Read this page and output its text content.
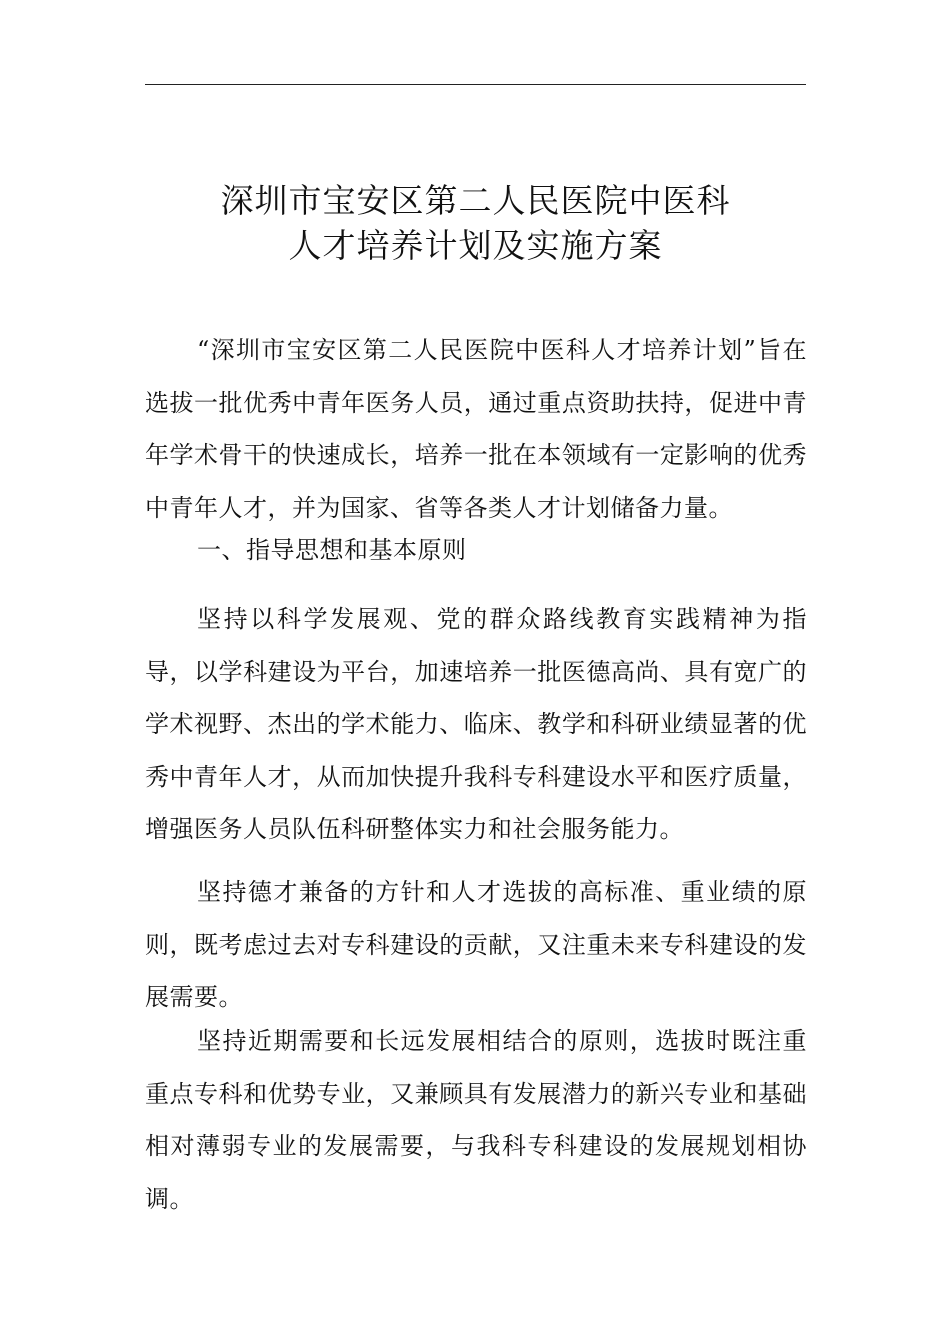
深圳市宝安区第二人民医院中医科
人才培养计划及实施方案

“深圳市宝安区第二人民医院中医科人才培养计划”旨在选拔一批优秀中青年医务人员，通过重点资助扶持，促进中青年学术骨干的快速成长，培养一批在本领域有一定影响的优秀中青年人才，并为国家、省等各类人才计划储备力量。

一、指导思想和基本原则

坚持以科学发展观、党的群众路线教育实践精神为指导，以学科建设为平台，加速培养一批医德高尚、具有宽广的学术视野、杰出的学术能力、临床、教学和科研业绩显著的优秀中青年人才，从而加快提升我科专科建设水平和医疗质量，增强医务人员队伍科研整体实力和社会服务能力。

坚持德才兼备的方针和人才选拔的高标准、重业绩的原则，既考虑过去对专科建设的贡献，又注重未来专科建设的发展需要。

坚持近期需要和长远发展相结合的原则，选拔时既注重重点专科和优势专业，又兼顾具有发展潜力的新兴专业和基础相对薄弱专业的发展需要，与我科专科建设的发展规划相协调。
